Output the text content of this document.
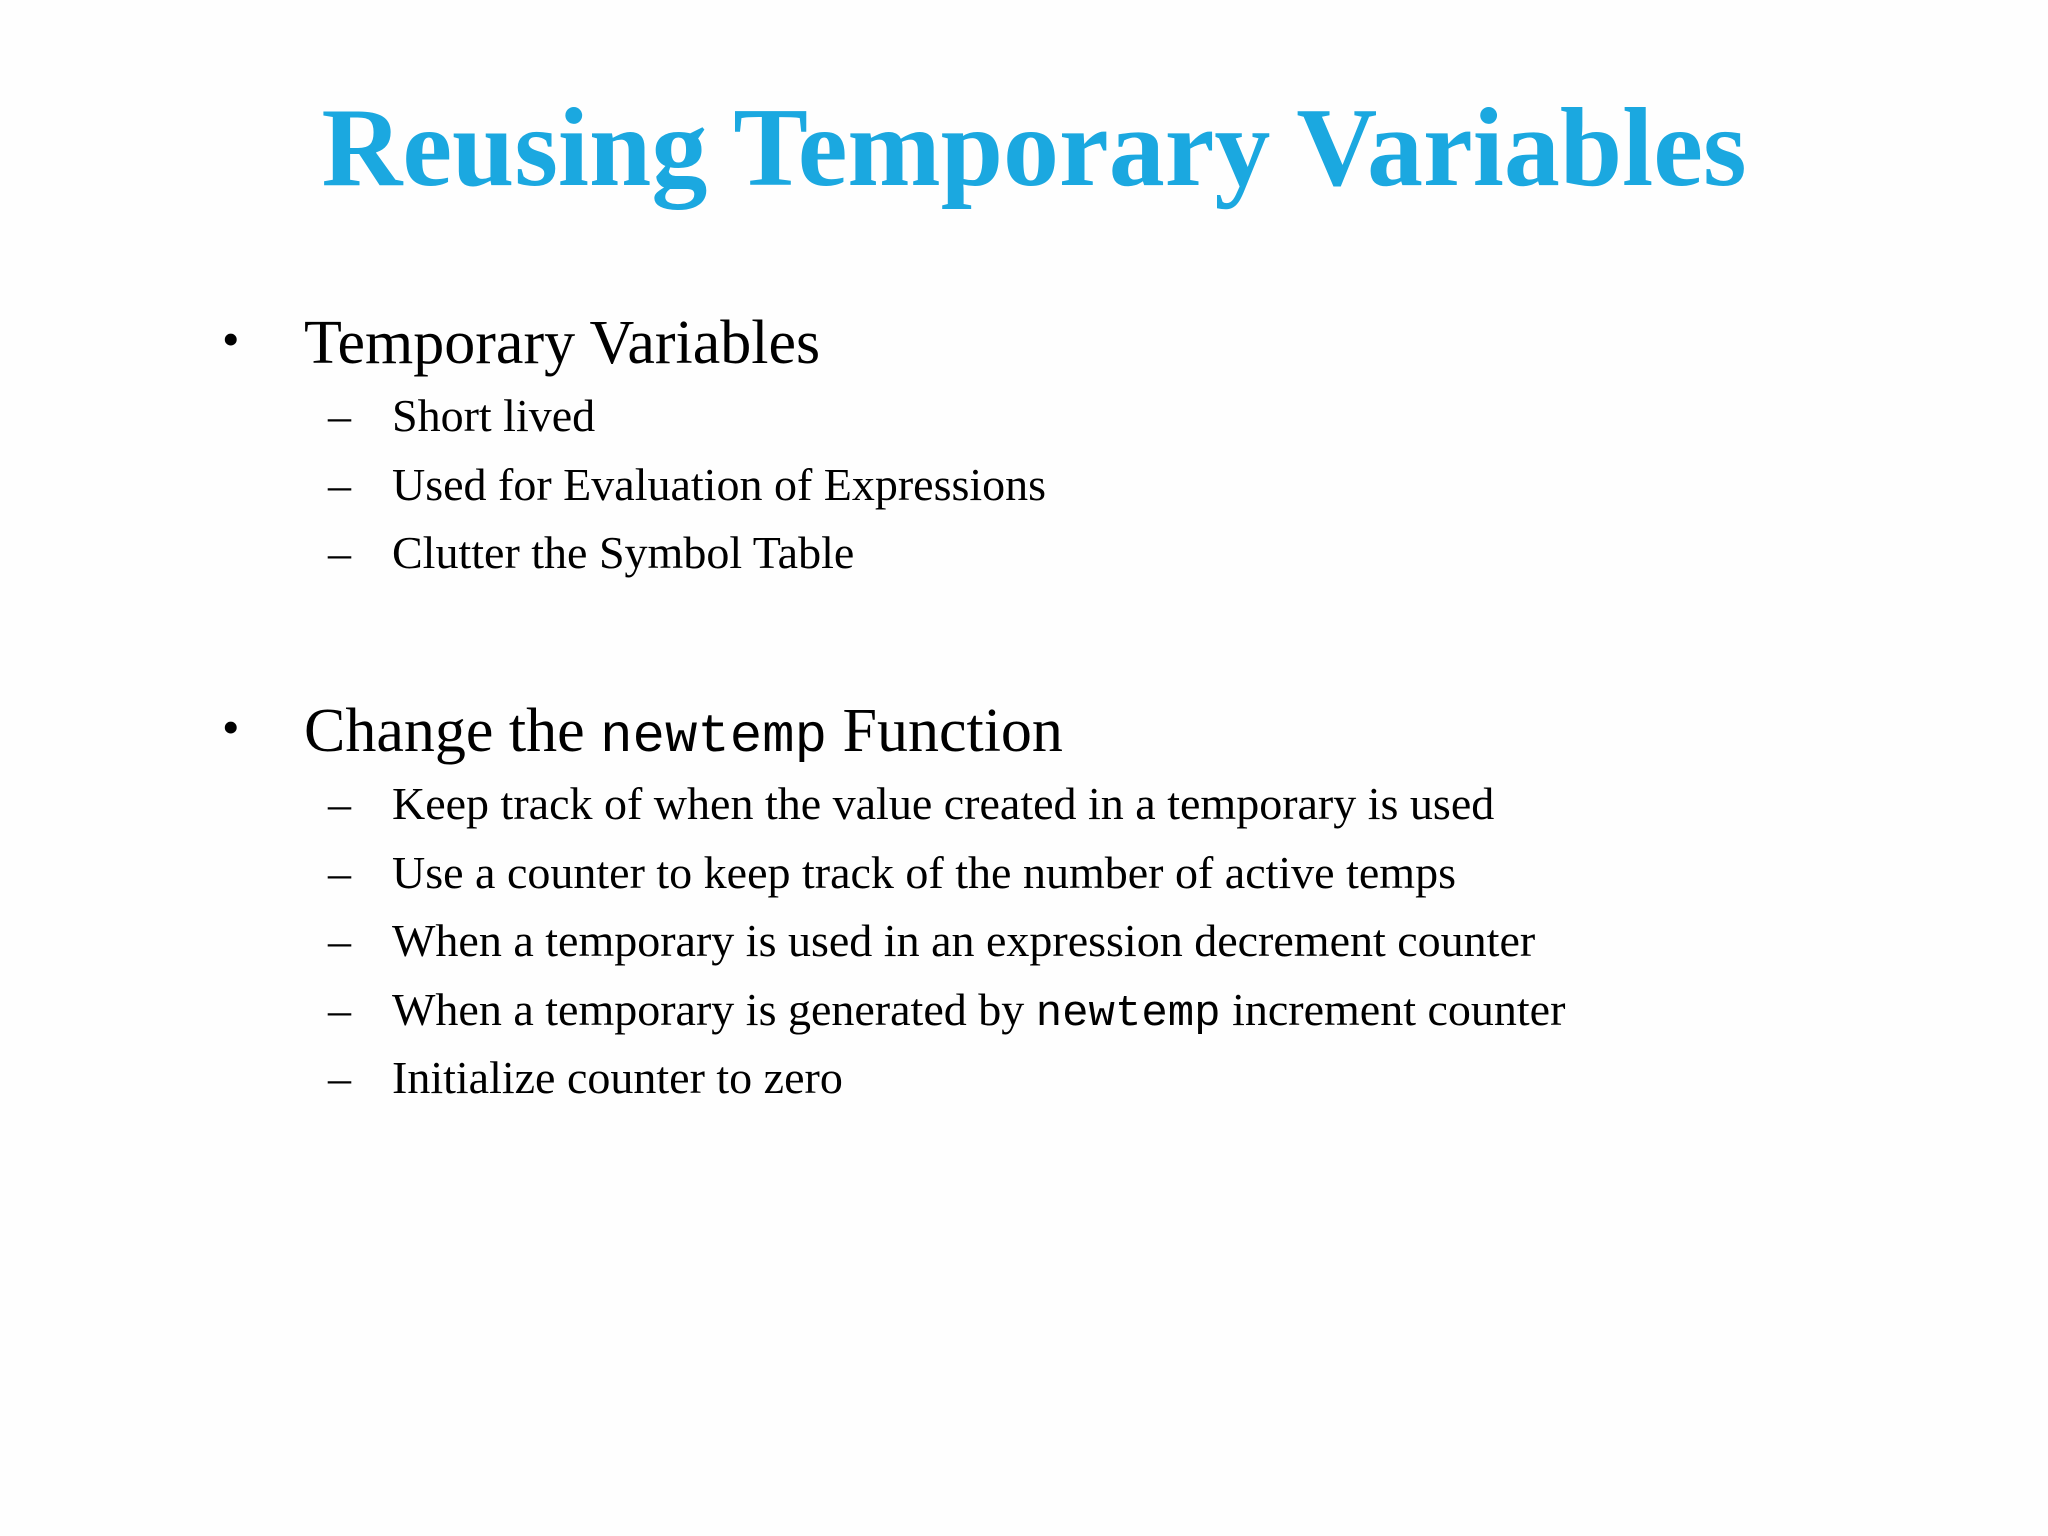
Reusing Temporary Variables
• Temporary Variables
– Short lived
– Used for Evaluation of Expressions
– Clutter the Symbol Table
• Change the newtemp Function
– Keep track of when the value created in a temporary is used
– Use a counter to keep track of the number of active temps
– When a temporary is used in an expression decrement counter
– When a temporary is generated by newtemp increment counter
– Initialize counter to zero
